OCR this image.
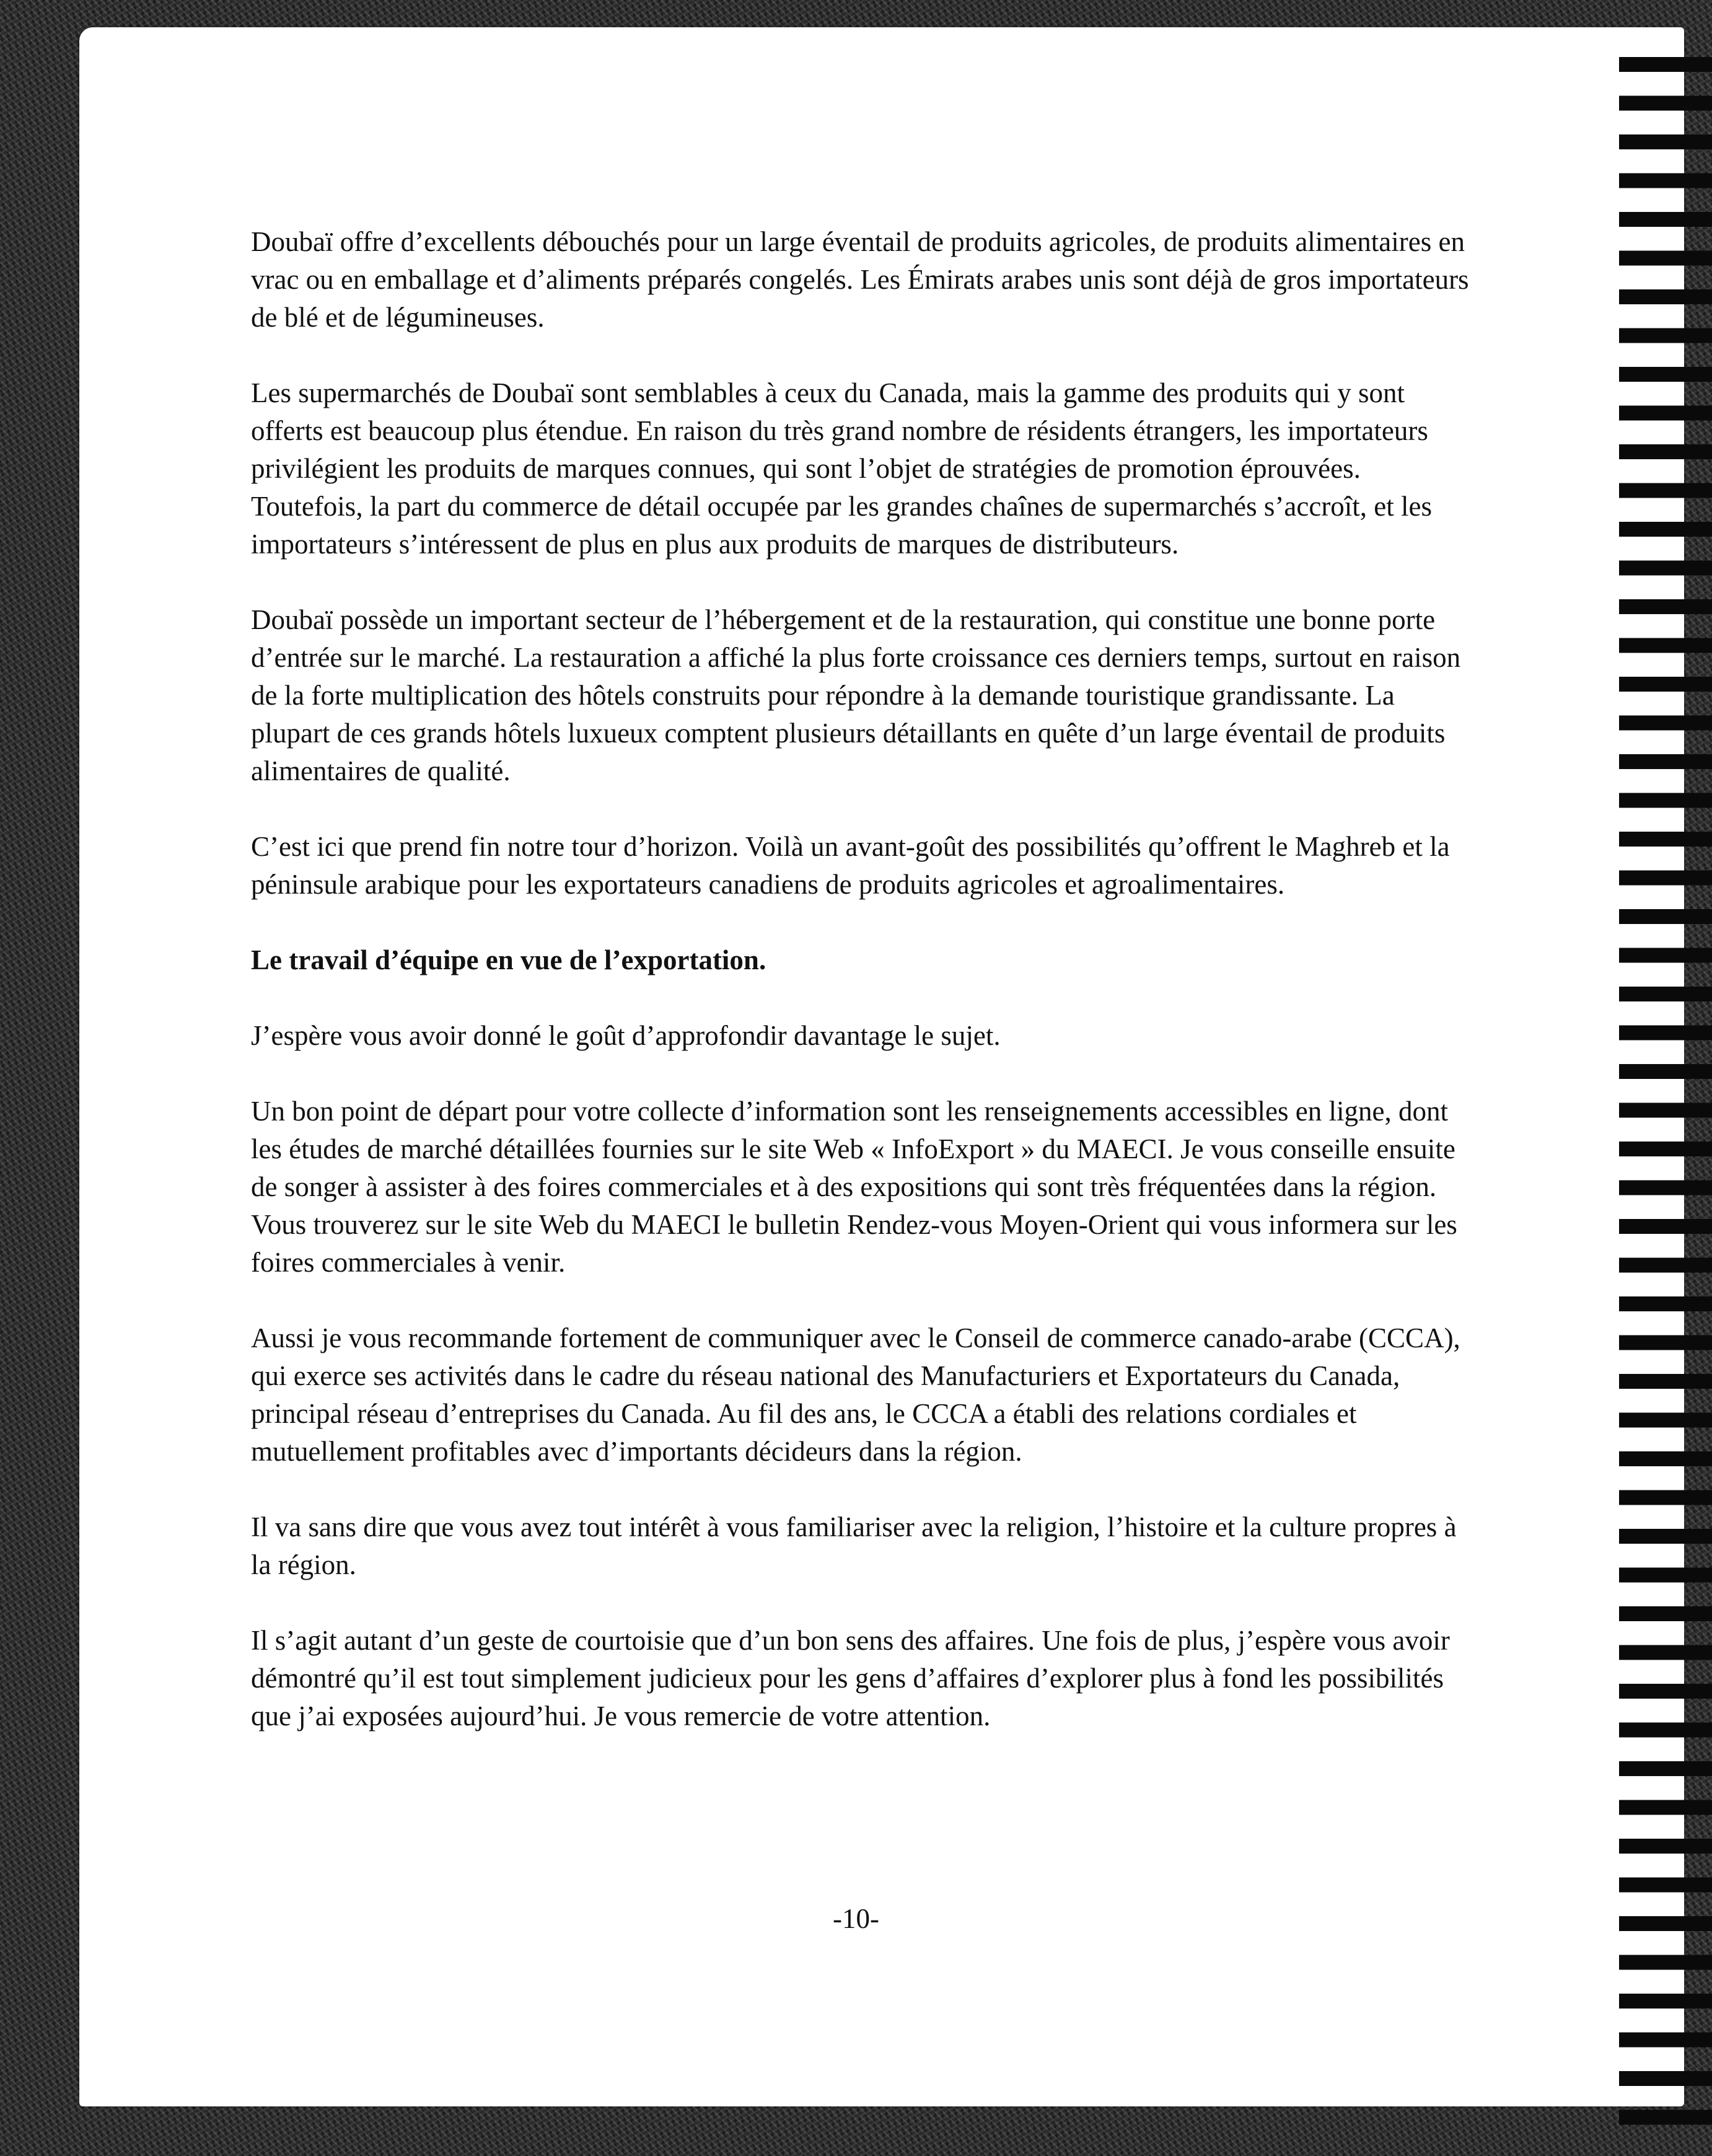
Doubaï offre d’excellents débouchés pour un large éventail de produits agricoles, de produits alimentaires en vrac ou en emballage et d’aliments préparés congelés. Les Émirats arabes unis sont déjà de gros importateurs de blé et de légumineuses.

Les supermarchés de Doubaï sont semblables à ceux du Canada, mais la gamme des produits qui y sont offerts est beaucoup plus étendue. En raison du très grand nombre de résidents étrangers, les importateurs privilégient les produits de marques connues, qui sont l’objet de stratégies de promotion éprouvées. Toutefois, la part du commerce de détail occupée par les grandes chaînes de supermarchés s’accroît, et les importateurs s’intéressent de plus en plus aux produits de marques de distributeurs.

Doubaï possède un important secteur de l’hébergement et de la restauration, qui constitue une bonne porte d’entrée sur le marché. La restauration a affiché la plus forte croissance ces derniers temps, surtout en raison de la forte multiplication des hôtels construits pour répondre à la demande touristique grandissante. La plupart de ces grands hôtels luxueux comptent plusieurs détaillants en quête d’un large éventail de produits alimentaires de qualité.

C’est ici que prend fin notre tour d’horizon. Voilà un avant-goût des possibilités qu’offrent le Maghreb et la péninsule arabique pour les exportateurs canadiens de produits agricoles et agroalimentaires.

Le travail d’équipe en vue de l’exportation.

J’espère vous avoir donné le goût d’approfondir davantage le sujet.

Un bon point de départ pour votre collecte d’information sont les renseignements accessibles en ligne, dont les études de marché détaillées fournies sur le site Web « InfoExport » du MAECI. Je vous conseille ensuite de songer à assister à des foires commerciales et à des expositions qui sont très fréquentées dans la région. Vous trouverez sur le site Web du MAECI le bulletin Rendez-vous Moyen-Orient qui vous informera sur les foires commerciales à venir.

Aussi je vous recommande fortement de communiquer avec le Conseil de commerce canado-arabe (CCCA), qui exerce ses activités dans le cadre du réseau national des Manufacturiers et Exportateurs du Canada, principal réseau d’entreprises du Canada. Au fil des ans, le CCCA a établi des relations cordiales et mutuellement profitables avec d’importants décideurs dans la région.

Il va sans dire que vous avez tout intérêt à vous familiariser avec la religion, l’histoire et la culture propres à la région.

Il s’agit autant d’un geste de courtoisie que d’un bon sens des affaires. Une fois de plus, j’espère vous avoir démontré qu’il est tout simplement judicieux pour les gens d’affaires d’explorer plus à fond les possibilités que j’ai exposées aujourd’hui. Je vous remercie de votre attention.

-10-
